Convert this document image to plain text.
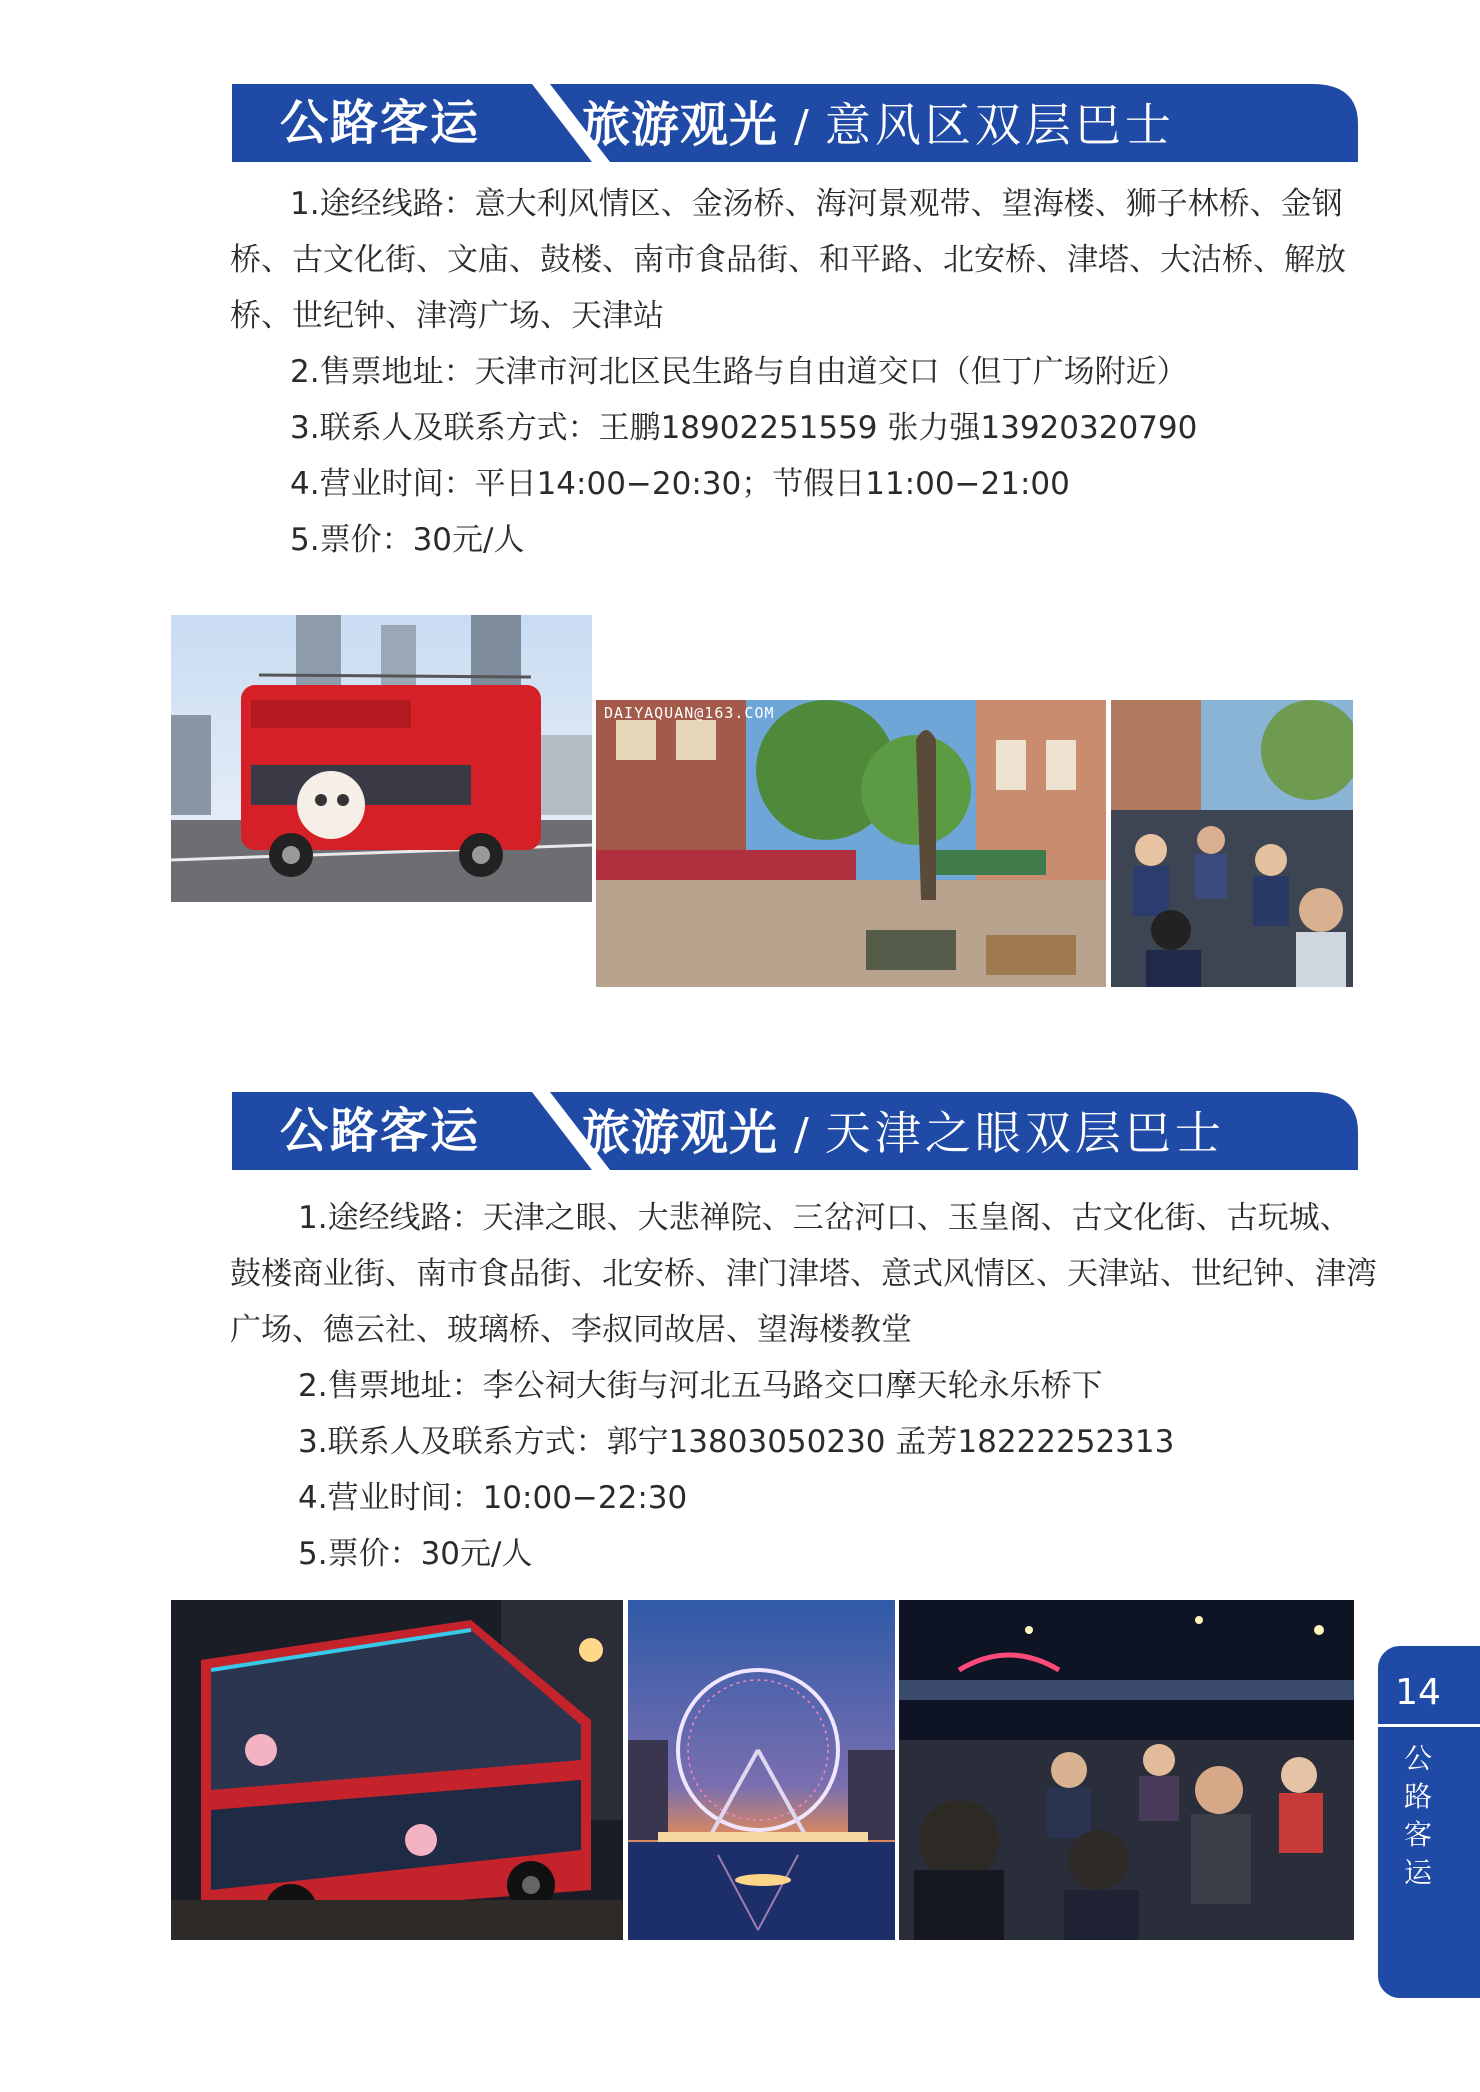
公路客运 旅游观光 / 意风区双层巴士

1.途经线路：意大利风情区、金汤桥、海河景观带、望海楼、狮子林桥、金钢桥、古文化街、文庙、鼓楼、南市食品街、和平路、北安桥、津塔、大沽桥、解放桥、世纪钟、津湾广场、天津站

2.售票地址：天津市河北区民生路与自由道交口（但丁广场附近）

3.联系人及联系方式：王鹏18902251559 张力强13920320790

4.营业时间：平日14:00−20:30；节假日11:00−21:00

5.票价：30元/人

DAIYAQUAN@163.COM
公路客运 旅游观光 / 天津之眼双层巴士

1.途经线路：天津之眼、大悲禅院、三岔河口、玉皇阁、古文化街、古玩城、鼓楼商业街、南市食品街、北安桥、津门津塔、意式风情区、天津站、世纪钟、津湾广场、德云社、玻璃桥、李叔同故居、望海楼教堂

2.售票地址：李公祠大街与河北五马路交口摩天轮永乐桥下

3.联系人及联系方式：郭宁13803050230 孟芳18222252313

4.营业时间：10:00−22:30

5.票价：30元/人

14
公路客运
